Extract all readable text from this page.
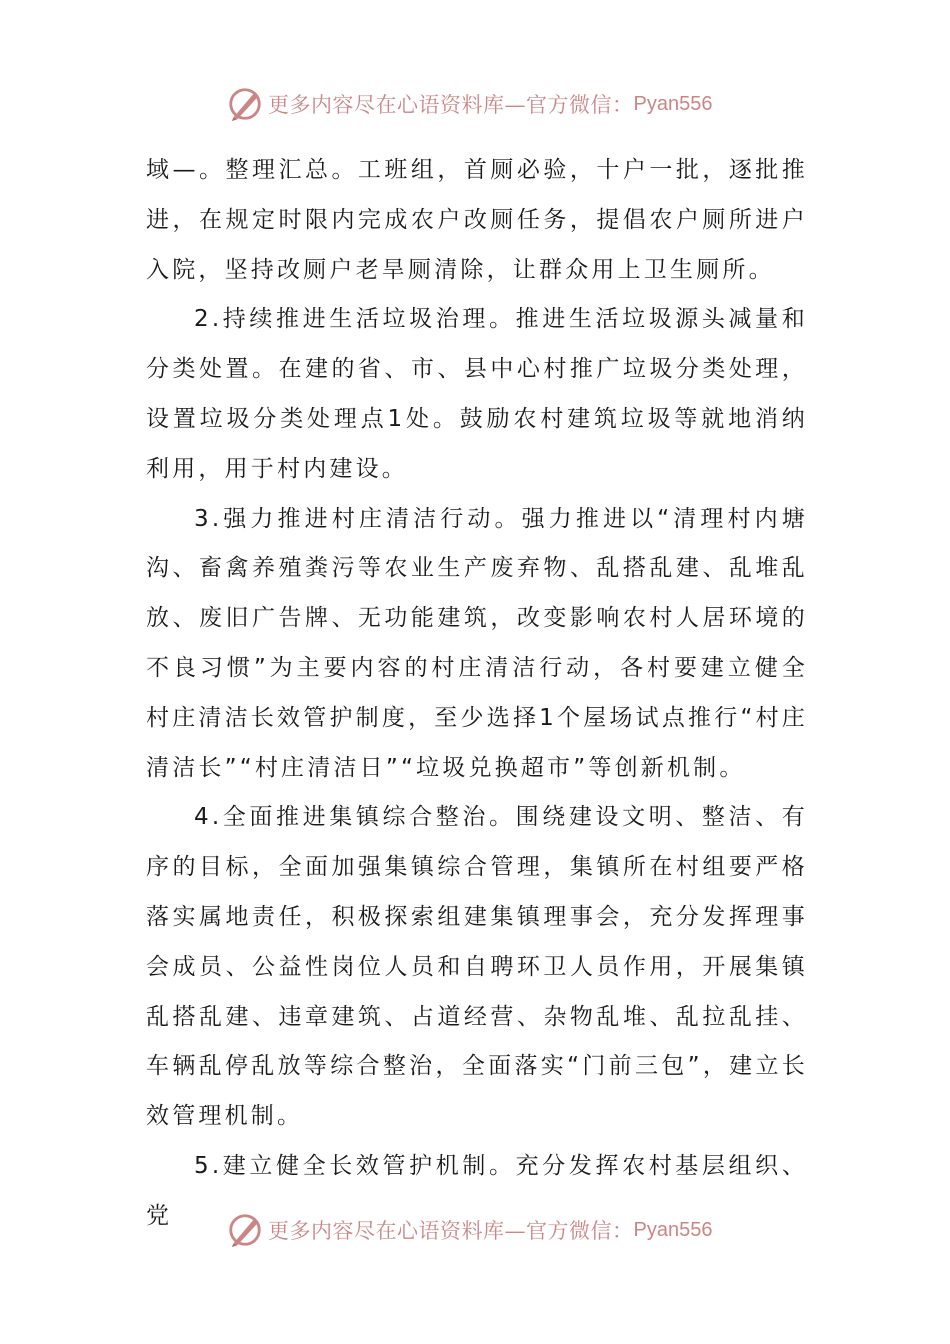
更多内容尽在心语资料库—官方微信： Pyan556

域—。整理汇总。工班组，首厕必验，十户一批，逐批推进，在规定时限内完成农户改厕任务，提倡农户厕所进户入院，坚持改厕户老旱厕清除，让群众用上卫生厕所。

2.持续推进生活垃圾治理。推进生活垃圾源头减量和分类处置。在建的省、市、县中心村推广垃圾分类处理，设置垃圾分类处理点1处。鼓励农村建筑垃圾等就地消纳利用，用于村内建设。

3.强力推进村庄清洁行动。强力推进以“清理村内塘沟、畜禽养殖粪污等农业生产废弃物、乱搭乱建、乱堆乱放、废旧广告牌、无功能建筑，改变影响农村人居环境的不良习惯”为主要内容的村庄清洁行动，各村要建立健全村庄清洁长效管护制度，至少选择1个屋场试点推行“村庄清洁长”“村庄清洁日”“垃圾兑换超市”等创新机制。

4.全面推进集镇综合整治。围绕建设文明、整洁、有序的目标，全面加强集镇综合管理，集镇所在村组要严格落实属地责任，积极探索组建集镇理事会，充分发挥理事会成员、公益性岗位人员和自聘环卫人员作用，开展集镇乱搭乱建、违章建筑、占道经营、杂物乱堆、乱拉乱挂、车辆乱停乱放等综合整治，全面落实“门前三包”，建立长效管理机制。

5.建立健全长效管护机制。充分发挥农村基层组织、党

更多内容尽在心语资料库—官方微信： Pyan556
